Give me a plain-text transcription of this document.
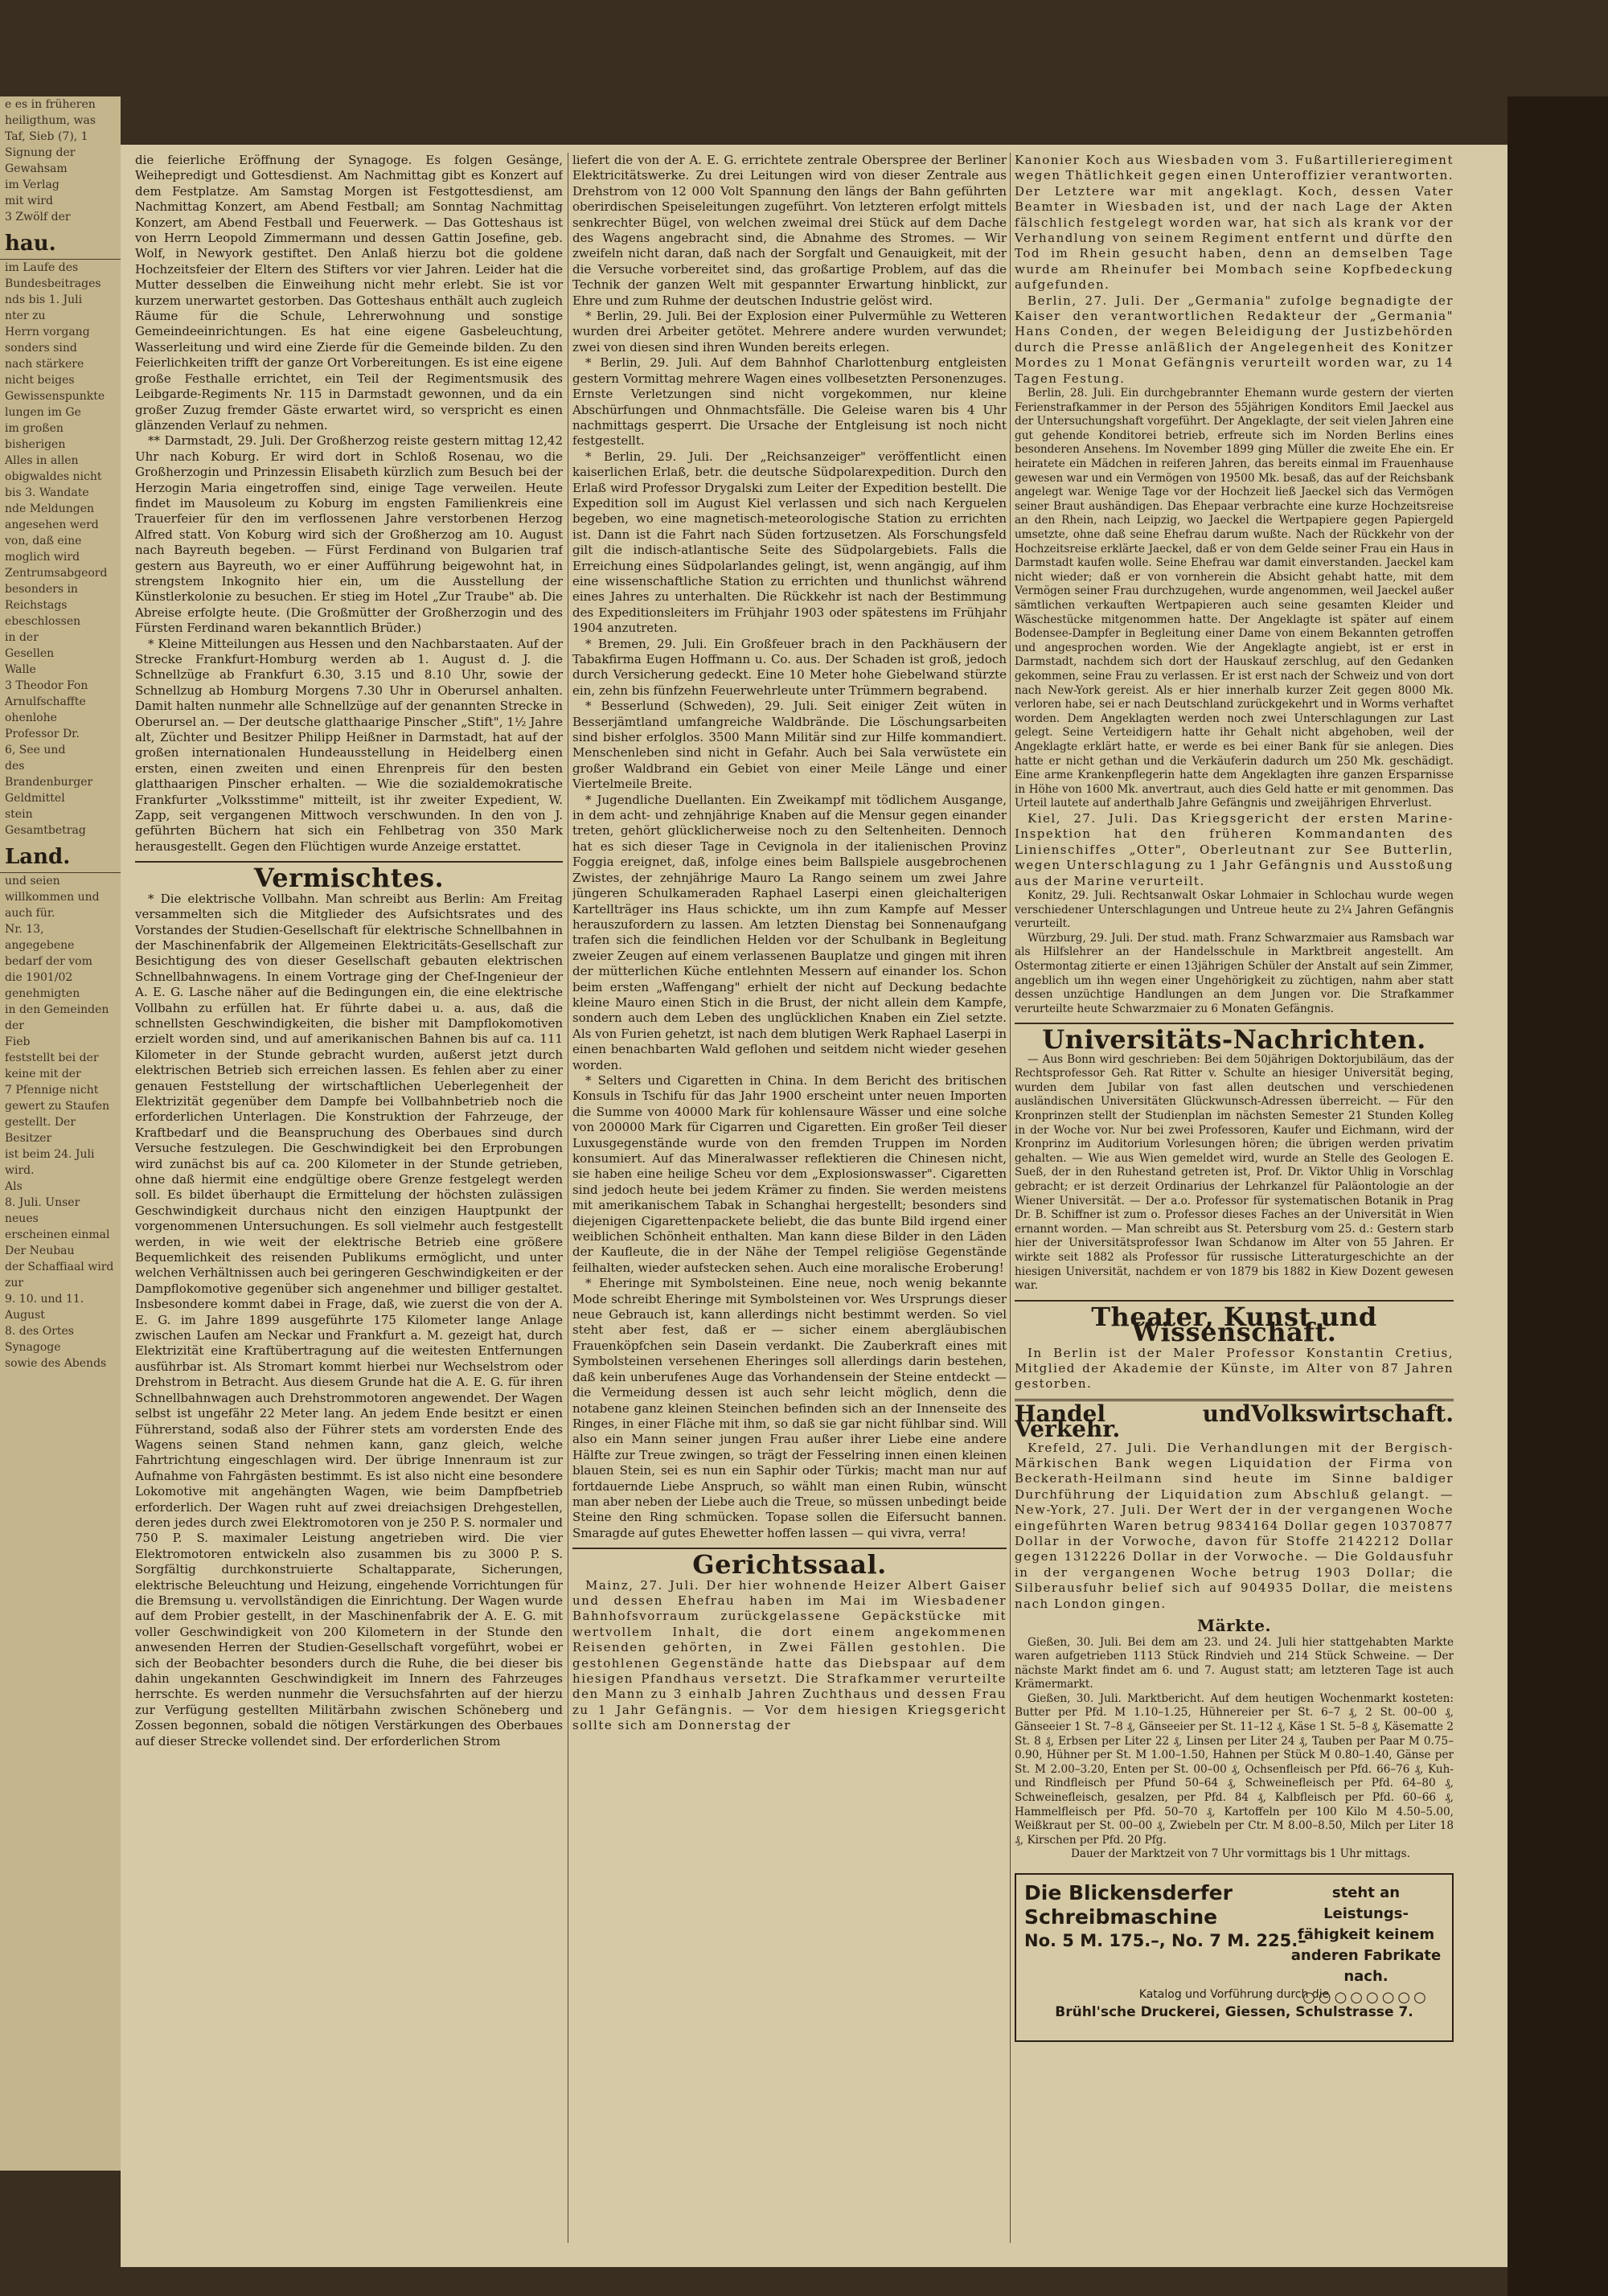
e es in früheren
heiligthum, was
Taf, Sieb (7), 1
Signung der
Gewahsam
im Verlag
mit wird
3 Zwölf der
hau.
im Laufe des
Bundesbeitrages
nds bis 1. Juli
nter zu
Herrn vorgang
sonders sind
nach stärkere
nicht beiges
Gewissenspunkte
lungen im Ge
im großen
bisherigen
Alles in allen
obigwaldes nicht
bis 3. Wandate
nde Meldungen
angesehen werd
von, daß eine
moglich wird
Zentrumsabgeord
besonders in
Reichstags
ebeschlossen
in der
Gesellen
Walle
3 Theodor Fon
Arnulfschaffte
ohenlohe
Professor Dr.
6, See und
des Brandenburger
Geldmittel
stein
Gesamtbetrag
Land.
und seien willkommen und
auch für.
Nr. 13, angegebene
bedarf der vom
die 1901/02 genehmigten
in den Gemeinden der
Fieb
feststellt bei der
keine mit der
7 Pfennige nicht
gewert zu Staufen
gestellt. Der Besitzer
ist beim 24. Juli
wird.
Als
8. Juli. Unser neues
erscheinen einmal
Der Neubau
der Schaffiaal wird zur
9. 10. und 11. August
8. des Ortes
Synagoge
sowie des Abends

die feierliche Eröffnung der Synagoge. Es folgen Gesänge, Weihepredigt und Gottesdienst. Am Nachmittag gibt es Konzert auf dem Festplatze. Am Samstag Morgen ist Festgottesdienst, am Nachmittag Konzert, am Abend Festball; am Sonntag Nachmittag Konzert, am Abend Festball und Feuerwerk. — Das Gotteshaus ist von Herrn Leopold Zimmermann und dessen Gattin Josefine, geb. Wolf, in Newyork gestiftet. Den Anlaß hierzu bot die goldene Hochzeitsfeier der Eltern des Stifters vor vier Jahren. Leider hat die Mutter desselben die Einweihung nicht mehr erlebt. Sie ist vor kurzem unerwartet gestorben. Das Gotteshaus enthält auch zugleich Räume für die Schule, Lehrerwohnung und sonstige Gemeindeeinrichtungen. Es hat eine eigene Gasbeleuchtung, Wasserleitung und wird eine Zierde für die Gemeinde bilden. Zu den Feierlichkeiten trifft der ganze Ort Vorbereitungen. Es ist eine eigene große Festhalle errichtet, ein Teil der Regimentsmusik des Leibgarde-Regiments Nr. 115 in Darmstadt gewonnen, und da ein großer Zuzug fremder Gäste erwartet wird, so verspricht es einen glänzenden Verlauf zu nehmen.

** Darmstadt, 29. Juli. Der Großherzog reiste gestern mittag 12,42 Uhr nach Koburg. Er wird dort in Schloß Rosenau, wo die Großherzogin und Prinzessin Elisabeth kürzlich zum Besuch bei der Herzogin Maria eingetroffen sind, einige Tage verweilen. Heute findet im Mausoleum zu Koburg im engsten Familienkreis eine Trauerfeier für den im verflossenen Jahre verstorbenen Herzog Alfred statt. Von Koburg wird sich der Großherzog am 10. August nach Bayreuth begeben. — Fürst Ferdinand von Bulgarien traf gestern aus Bayreuth, wo er einer Aufführung beigewohnt hat, in strengstem Inkognito hier ein, um die Ausstellung der Künstlerkolonie zu besuchen. Er stieg im Hotel „Zur Traube" ab. Die Abreise erfolgte heute. (Die Großmütter der Großherzogin und des Fürsten Ferdinand waren bekanntlich Brüder.)

* Kleine Mitteilungen aus Hessen und den Nachbarstaaten. Auf der Strecke Frankfurt-Homburg werden ab 1. August d. J. die Schnellzüge ab Frankfurt 6.30, 3.15 und 8.10 Uhr, sowie der Schnellzug ab Homburg Morgens 7.30 Uhr in Oberursel anhalten. Damit halten nunmehr alle Schnellzüge auf der genannten Strecke in Oberursel an. — Der deutsche glatthaarige Pinscher „Stift", 1½ Jahre alt, Züchter und Besitzer Philipp Heißner in Darmstadt, hat auf der großen internationalen Hundeausstellung in Heidelberg einen ersten, einen zweiten und einen Ehrenpreis für den besten glatthaarigen Pinscher erhalten. — Wie die sozialdemokratische Frankfurter „Volksstimme" mitteilt, ist ihr zweiter Expedient, W. Zapp, seit vergangenen Mittwoch verschwunden. In den von J. geführten Büchern hat sich ein Fehlbetrag von 350 Mark herausgestellt. Gegen den Flüchtigen wurde Anzeige erstattet.

Vermischtes.

* Die elektrische Vollbahn. Man schreibt aus Berlin: Am Freitag versammelten sich die Mitglieder des Aufsichtsrates und des Vorstandes der Studien-Gesellschaft für elektrische Schnellbahnen in der Maschinenfabrik der Allgemeinen Elektricitäts-Gesellschaft zur Besichtigung des von dieser Gesellschaft gebauten elektrischen Schnellbahnwagens. In einem Vortrage ging der Chef-Ingenieur der A. E. G. Lasche näher auf die Bedingungen ein, die eine elektrische Vollbahn zu erfüllen hat. Er führte dabei u. a. aus, daß die schnellsten Geschwindigkeiten, die bisher mit Dampflokomotiven erzielt worden sind, und auf amerikanischen Bahnen bis auf ca. 111 Kilometer in der Stunde gebracht wurden, außerst jetzt durch elektrischen Betrieb sich erreichen lassen. Es fehlen aber zu einer genauen Feststellung der wirtschaftlichen Ueberlegenheit der Elektrizität gegenüber dem Dampfe bei Vollbahnbetrieb noch die erforderlichen Unterlagen. Die Konstruktion der Fahrzeuge, der Kraftbedarf und die Beanspruchung des Oberbaues sind durch Versuche festzulegen. Die Geschwindigkeit bei den Erprobungen wird zunächst bis auf ca. 200 Kilometer in der Stunde getrieben, ohne daß hiermit eine endgültige obere Grenze festgelegt werden soll. Es bildet überhaupt die Ermittelung der höchsten zulässigen Geschwindigkeit durchaus nicht den einzigen Hauptpunkt der vorgenommenen Untersuchungen. Es soll vielmehr auch festgestellt werden, in wie weit der elektrische Betrieb eine größere Bequemlichkeit des reisenden Publikums ermöglicht, und unter welchen Verhältnissen auch bei geringeren Geschwindigkeiten er der Dampflokomotive gegenüber sich angenehmer und billiger gestaltet. Insbesondere kommt dabei in Frage, daß, wie zuerst die von der A. E. G. im Jahre 1899 ausgeführte 175 Kilometer lange Anlage zwischen Laufen am Neckar und Frankfurt a. M. gezeigt hat, durch Elektrizität eine Kraftübertragung auf die weitesten Entfernungen ausführbar ist. Als Stromart kommt hierbei nur Wechselstrom oder Drehstrom in Betracht. Aus diesem Grunde hat die A. E. G. für ihren Schnellbahnwagen auch Drehstrommotoren angewendet. Der Wagen selbst ist ungefähr 22 Meter lang. An jedem Ende besitzt er einen Führerstand, sodaß also der Führer stets am vordersten Ende des Wagens seinen Stand nehmen kann, ganz gleich, welche Fahrtrichtung eingeschlagen wird. Der übrige Innenraum ist zur Aufnahme von Fahrgästen bestimmt. Es ist also nicht eine besondere Lokomotive mit angehängten Wagen, wie beim Dampfbetrieb erforderlich. Der Wagen ruht auf zwei dreiachsigen Drehgestellen, deren jedes durch zwei Elektromotoren von je 250 P. S. normaler und 750 P. S. maximaler Leistung angetrieben wird. Die vier Elektromotoren entwickeln also zusammen bis zu 3000 P. S. Sorgfältig durchkonstruierte Schaltapparate, Sicherungen, elektrische Beleuchtung und Heizung, eingehende Vorrichtungen für die Bremsung u. vervollständigen die Einrichtung. Der Wagen wurde auf dem Probier gestellt, in der Maschinenfabrik der A. E. G. mit voller Geschwindigkeit von 200 Kilometern in der Stunde den anwesenden Herren der Studien-Gesellschaft vorgeführt, wobei er sich der Beobachter besonders durch die Ruhe, die bei dieser bis dahin ungekannten Geschwindigkeit im Innern des Fahrzeuges herrschte. Es werden nunmehr die Versuchsfahrten auf der hierzu zur Verfügung gestellten Militärbahn zwischen Schöneberg und Zossen begonnen, sobald die nötigen Verstärkungen des Oberbaues auf dieser Strecke vollendet sind. Der erforderlichen Strom

liefert die von der A. E. G. errichtete zentrale Oberspree der Berliner Elektricitätswerke. Zu drei Leitungen wird von dieser Zentrale aus Drehstrom von 12 000 Volt Spannung den längs der Bahn geführten oberirdischen Speiseleitungen zugeführt. Von letzteren erfolgt mittels senkrechter Bügel, von welchen zweimal drei Stück auf dem Dache des Wagens angebracht sind, die Abnahme des Stromes. — Wir zweifeln nicht daran, daß nach der Sorgfalt und Genauigkeit, mit der die Versuche vorbereitet sind, das großartige Problem, auf das die Technik der ganzen Welt mit gespannter Erwartung hinblickt, zur Ehre und zum Ruhme der deutschen Industrie gelöst wird.

* Berlin, 29. Juli. Bei der Explosion einer Pulvermühle zu Wetteren wurden drei Arbeiter getötet. Mehrere andere wurden verwundet; zwei von diesen sind ihren Wunden bereits erlegen.

* Berlin, 29. Juli. Auf dem Bahnhof Charlottenburg entgleisten gestern Vormittag mehrere Wagen eines vollbesetzten Personenzuges. Ernste Verletzungen sind nicht vorgekommen, nur kleine Abschürfungen und Ohnmachtsfälle. Die Geleise waren bis 4 Uhr nachmittags gesperrt. Die Ursache der Entgleisung ist noch nicht festgestellt.

* Berlin, 29. Juli. Der „Reichsanzeiger" veröffentlicht einen kaiserlichen Erlaß, betr. die deutsche Südpolarexpedition. Durch den Erlaß wird Professor Drygalski zum Leiter der Expedition bestellt. Die Expedition soll im August Kiel verlassen und sich nach Kerguelen begeben, wo eine magnetisch-meteorologische Station zu errichten ist. Dann ist die Fahrt nach Süden fortzusetzen. Als Forschungsfeld gilt die indisch-atlantische Seite des Südpolargebiets. Falls die Erreichung eines Südpolarlandes gelingt, ist, wenn angängig, auf ihm eine wissenschaftliche Station zu errichten und thunlichst während eines Jahres zu unterhalten. Die Rückkehr ist nach der Bestimmung des Expeditionsleiters im Frühjahr 1903 oder spätestens im Frühjahr 1904 anzutreten.

* Bremen, 29. Juli. Ein Großfeuer brach in den Packhäusern der Tabakfirma Eugen Hoffmann u. Co. aus. Der Schaden ist groß, jedoch durch Versicherung gedeckt. Eine 10 Meter hohe Giebelwand stürzte ein, zehn bis fünfzehn Feuerwehrleute unter Trümmern begrabend.

* Besserlund (Schweden), 29. Juli. Seit einiger Zeit wüten in Besserjämtland umfangreiche Waldbrände. Die Löschungsarbeiten sind bisher erfolglos. 3500 Mann Militär sind zur Hilfe kommandiert. Menschenleben sind nicht in Gefahr. Auch bei Sala verwüstete ein großer Waldbrand ein Gebiet von einer Meile Länge und einer Viertelmeile Breite.

* Jugendliche Duellanten. Ein Zweikampf mit tödlichem Ausgange, in dem acht- und zehnjährige Knaben auf die Mensur gegen einander treten, gehört glücklicherweise noch zu den Seltenheiten. Dennoch hat es sich dieser Tage in Cevignola in der italienischen Provinz Foggia ereignet, daß, infolge eines beim Ballspiele ausgebrochenen Zwistes, der zehnjährige Mauro La Rango seinem um zwei Jahre jüngeren Schulkameraden Raphael Laserpi einen gleichalterigen Kartellträger ins Haus schickte, um ihn zum Kampfe auf Messer herauszufordern zu lassen. Am letzten Dienstag bei Sonnenaufgang trafen sich die feindlichen Helden vor der Schulbank in Begleitung zweier Zeugen auf einem verlassenen Bauplatze und gingen mit ihren der mütterlichen Küche entlehnten Messern auf einander los. Schon beim ersten „Waffengang" erhielt der nicht auf Deckung bedachte kleine Mauro einen Stich in die Brust, der nicht allein dem Kampfe, sondern auch dem Leben des unglücklichen Knaben ein Ziel setzte. Als von Furien gehetzt, ist nach dem blutigen Werk Raphael Laserpi in einen benachbarten Wald geflohen und seitdem nicht wieder gesehen worden.

* Selters und Cigaretten in China. In dem Bericht des britischen Konsuls in Tschifu für das Jahr 1900 erscheint unter neuen Importen die Summe von 40000 Mark für kohlensaure Wässer und eine solche von 200000 Mark für Cigarren und Cigaretten. Ein großer Teil dieser Luxusgegenstände wurde von den fremden Truppen im Norden konsumiert. Auf das Mineralwasser reflektieren die Chinesen nicht, sie haben eine heilige Scheu vor dem „Explosionswasser". Cigaretten sind jedoch heute bei jedem Krämer zu finden. Sie werden meistens mit amerikanischem Tabak in Schanghai hergestellt; besonders sind diejenigen Cigarettenpackete beliebt, die das bunte Bild irgend einer weiblichen Schönheit enthalten. Man kann diese Bilder in den Läden der Kaufleute, die in der Nähe der Tempel religiöse Gegenstände feilhalten, wieder aufstecken sehen. Auch eine moralische Eroberung!

* Eheringe mit Symbolsteinen. Eine neue, noch wenig bekannte Mode schreibt Eheringe mit Symbolsteinen vor. Wes Ursprungs dieser neue Gebrauch ist, kann allerdings nicht bestimmt werden. So viel steht aber fest, daß er — sicher einem abergläubischen Frauenköpfchen sein Dasein verdankt. Die Zauberkraft eines mit Symbolsteinen versehenen Eheringes soll allerdings darin bestehen, daß kein unberufenes Auge das Vorhandensein der Steine entdeckt — die Vermeidung dessen ist auch sehr leicht möglich, denn die notabene ganz kleinen Steinchen befinden sich an der Innenseite des Ringes, in einer Fläche mit ihm, so daß sie gar nicht fühlbar sind. Will also ein Mann seiner jungen Frau außer ihrer Liebe eine andere Hälfte zur Treue zwingen, so trägt der Fesselring innen einen kleinen blauen Stein, sei es nun ein Saphir oder Türkis; macht man nur auf fortdauernde Liebe Anspruch, so wählt man einen Rubin, wünscht man aber neben der Liebe auch die Treue, so müssen unbedingt beide Steine den Ring schmücken. Topase sollen die Eifersucht bannen. Smaragde auf gutes Ehewetter hoffen lassen — qui vivra, verra!

Gerichtssaal.

Mainz, 27. Juli. Der hier wohnende Heizer Albert Gaiser und dessen Ehefrau haben im Mai im Wiesbadener Bahnhofsvorraum zurückgelassene Gepäckstücke mit wertvollem Inhalt, die dort einem angekommenen Reisenden gehörten, in Zwei Fällen gestohlen. Die gestohlenen Gegenstände hatte das Diebspaar auf dem hiesigen Pfandhaus versetzt. Die Strafkammer verurteilte den Mann zu 3 einhalb Jahren Zuchthaus und dessen Frau zu 1 Jahr Gefängnis. — Vor dem hiesigen Kriegsgericht sollte sich am Donnerstag der

Kanonier Koch aus Wiesbaden vom 3. Fußartillerieregiment wegen Thätlichkeit gegen einen Unteroffizier verantworten. Der Letztere war mit angeklagt. Koch, dessen Vater Beamter in Wiesbaden ist, und der nach Lage der Akten fälschlich festgelegt worden war, hat sich als krank vor der Verhandlung von seinem Regiment entfernt und dürfte den Tod im Rhein gesucht haben, denn an demselben Tage wurde am Rheinufer bei Mombach seine Kopfbedeckung aufgefunden.

Berlin, 27. Juli. Der „Germania" zufolge begnadigte der Kaiser den verantwortlichen Redakteur der „Germania" Hans Conden, der wegen Beleidigung der Justizbehörden durch die Presse anläßlich der Angelegenheit des Konitzer Mordes zu 1 Monat Gefängnis verurteilt worden war, zu 14 Tagen Festung.

Berlin, 28. Juli. Ein durchgebrannter Ehemann wurde gestern der vierten Ferienstrafkammer in der Person des 55jährigen Konditors Emil Jaeckel aus der Untersuchungshaft vorgeführt. Der Angeklagte, der seit vielen Jahren eine gut gehende Konditorei betrieb, erfreute sich im Norden Berlins eines besonderen Ansehens. Im November 1899 ging Müller die zweite Ehe ein. Er heiratete ein Mädchen in reiferen Jahren, das bereits einmal im Frauenhause gewesen war und ein Vermögen von 19500 Mk. besaß, das auf der Reichsbank angelegt war. Wenige Tage vor der Hochzeit ließ Jaeckel sich das Vermögen seiner Braut aushändigen. Das Ehepaar verbrachte eine kurze Hochzeitsreise an den Rhein, nach Leipzig, wo Jaeckel die Wertpapiere gegen Papiergeld umsetzte, ohne daß seine Ehefrau darum wußte. Nach der Rückkehr von der Hochzeitsreise erklärte Jaeckel, daß er von dem Gelde seiner Frau ein Haus in Darmstadt kaufen wolle. Seine Ehefrau war damit einverstanden. Jaeckel kam nicht wieder; daß er von vornherein die Absicht gehabt hatte, mit dem Vermögen seiner Frau durchzugehen, wurde angenommen, weil Jaeckel außer sämtlichen verkauften Wertpapieren auch seine gesamten Kleider und Wäschestücke mitgenommen hatte. Der Angeklagte ist später auf einem Bodensee-Dampfer in Begleitung einer Dame von einem Bekannten getroffen und angesprochen worden. Wie der Angeklagte angiebt, ist er erst in Darmstadt, nachdem sich dort der Hauskauf zerschlug, auf den Gedanken gekommen, seine Frau zu verlassen. Er ist erst nach der Schweiz und von dort nach New-York gereist. Als er hier innerhalb kurzer Zeit gegen 8000 Mk. verloren habe, sei er nach Deutschland zurückgekehrt und in Worms verhaftet worden. Dem Angeklagten werden noch zwei Unterschlagungen zur Last gelegt. Seine Verteidigern hatte ihr Gehalt nicht abgehoben, weil der Angeklagte erklärt hatte, er werde es bei einer Bank für sie anlegen. Dies hatte er nicht gethan und die Verkäuferin dadurch um 250 Mk. geschädigt. Eine arme Krankenpflegerin hatte dem Angeklagten ihre ganzen Ersparnisse in Höhe von 1600 Mk. anvertraut, auch dies Geld hatte er mit genommen. Das Urteil lautete auf anderthalb Jahre Gefängnis und zweijährigen Ehrverlust.

Kiel, 27. Juli. Das Kriegsgericht der ersten Marine-Inspektion hat den früheren Kommandanten des Linienschiffes „Otter", Oberleutnant zur See Butterlin, wegen Unterschlagung zu 1 Jahr Gefängnis und Ausstoßung aus der Marine verurteilt.

Konitz, 29. Juli. Rechtsanwalt Oskar Lohmaier in Schlochau wurde wegen verschiedener Unterschlagungen und Untreue heute zu 2¼ Jahren Gefängnis verurteilt.

Würzburg, 29. Juli. Der stud. math. Franz Schwarzmaier aus Ramsbach war als Hilfslehrer an der Handelsschule in Marktbreit angestellt. Am Ostermontag zitierte er einen 13jährigen Schüler der Anstalt auf sein Zimmer, angeblich um ihn wegen einer Ungehörigkeit zu züchtigen, nahm aber statt dessen unzüchtige Handlungen an dem Jungen vor. Die Strafkammer verurteilte heute Schwarzmaier zu 6 Monaten Gefängnis.

Universitäts-Nachrichten.

— Aus Bonn wird geschrieben: Bei dem 50jährigen Doktorjubiläum, das der Rechtsprofessor Geh. Rat Ritter v. Schulte an hiesiger Universität beging, wurden dem Jubilar von fast allen deutschen und verschiedenen ausländischen Universitäten Glückwunsch-Adressen überreicht. — Für den Kronprinzen stellt der Studienplan im nächsten Semester 21 Stunden Kolleg in der Woche vor. Nur bei zwei Professoren, Kaufer und Eichmann, wird der Kronprinz im Auditorium Vorlesungen hören; die übrigen werden privatim gehalten. — Wie aus Wien gemeldet wird, wurde an Stelle des Geologen E. Sueß, der in den Ruhestand getreten ist, Prof. Dr. Viktor Uhlig in Vorschlag gebracht; er ist derzeit Ordinarius der Lehrkanzel für Paläontologie an der Wiener Universität. — Der a.o. Professor für systematischen Botanik in Prag Dr. B. Schiffner ist zum o. Professor dieses Faches an der Universität in Wien ernannt worden. — Man schreibt aus St. Petersburg vom 25. d.: Gestern starb hier der Universitätsprofessor Iwan Schdanow im Alter von 55 Jahren. Er wirkte seit 1882 als Professor für russische Litteraturgeschichte an der hiesigen Universität, nachdem er von 1879 bis 1882 in Kiew Dozent gewesen war.

Theater, Kunst und Wissenschaft.

In Berlin ist der Maler Professor Konstantin Cretius, Mitglied der Akademie der Künste, im Alter von 87 Jahren gestorben.

Handel und Verkehr.
Volkswirtschaft.

Krefeld, 27. Juli. Die Verhandlungen mit der Bergisch-Märkischen Bank wegen Liquidation der Firma von Beckerath-Heilmann sind heute im Sinne baldiger Durchführung der Liquidation zum Abschluß gelangt. — New-York, 27. Juli. Der Wert der in der vergangenen Woche eingeführten Waren betrug 9834164 Dollar gegen 10370877 Dollar in der Vorwoche, davon für Stoffe 2142212 Dollar gegen 1312226 Dollar in der Vorwoche. — Die Goldausfuhr in der vergangenen Woche betrug 1903 Dollar; die Silberausfuhr belief sich auf 904935 Dollar, die meistens nach London gingen.

Märkte.

Gießen, 30. Juli. Bei dem am 23. und 24. Juli hier stattgehabten Markte waren aufgetrieben 1113 Stück Rindvieh und 214 Stück Schweine. — Der nächste Markt findet am 6. und 7. August statt; am letzteren Tage ist auch Krämermarkt.

Gießen, 30. Juli. Marktbericht. Auf dem heutigen Wochenmarkt kosteten: Butter per Pfd. M 1.10–1.25, Hühnereier per St. 6–7 ₰, 2 St. 00–00 ₰, Gänseeier 1 St. 7–8 ₰, Gänseeier per St. 11–12 ₰, Käse 1 St. 5–8 ₰, Käsematte 2 St. 8 ₰, Erbsen per Liter 22 ₰, Linsen per Liter 24 ₰, Tauben per Paar M 0.75–0.90, Hühner per St. M 1.00–1.50, Hahnen per Stück M 0.80–1.40, Gänse per St. M 2.00–3.20, Enten per St. 00–00 ₰, Ochsenfleisch per Pfd. 66–76 ₰, Kuh- und Rindfleisch per Pfund 50–64 ₰, Schweinefleisch per Pfd. 64–80 ₰, Schweinefleisch, gesalzen, per Pfd. 84 ₰, Kalbfleisch per Pfd. 60–66 ₰, Hammelfleisch per Pfd. 50–70 ₰, Kartoffeln per 100 Kilo M 4.50–5.00, Weißkraut per St. 00–00 ₰, Zwiebeln per Ctr. M 8.00–8.50, Milch per Liter 18 ₰, Kirschen per Pfd. 20 Pfg.

Dauer der Marktzeit von 7 Uhr vormittags bis 1 Uhr mittags.

Die Blickensderfer
Schreibmaschine
No. 5 M. 175.–, No. 7 M. 225.–
steht an Leistungs-
fähigkeit keinem
anderen Fabrikate
nach. ○○○○○○○○
Katalog und Vorführung durch die
Brühl'sche Druckerei, Giessen, Schulstrasse 7.
